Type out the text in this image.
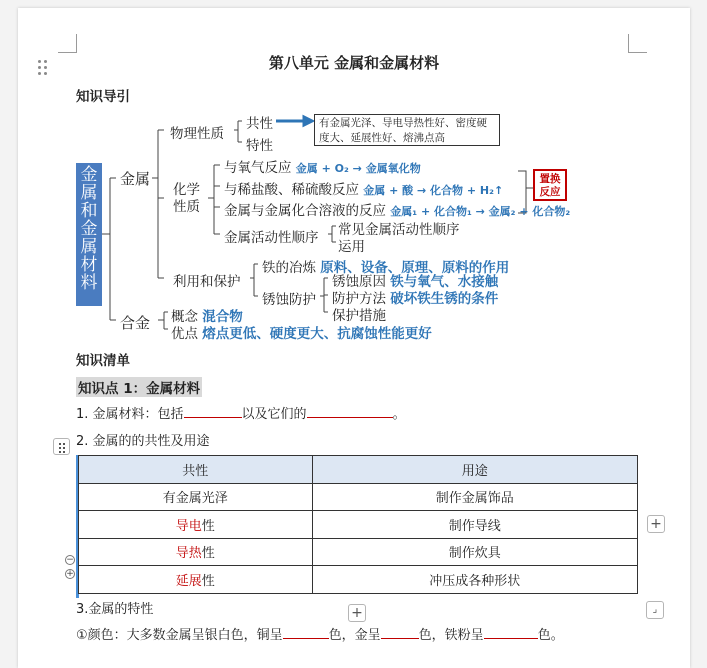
第八单元 金属和金属材料
知识导引
金
属
和
金
属
材
料
金属
物理性质
共性
特性
有金属光泽、导电导热性好、密度硬度大、延展性好、熔沸点高
化学
性质
与氧气反应 金属 + O₂ → 金属氧化物
与稀盐酸、稀硫酸反应 金属 + 酸 → 化合物 + H₂↑
金属与金属化合溶液的反应 金属₁ + 化合物₁ → 金属₂ + 化合物₂
置换
反应
金属活动性顺序 常见金属活动性顺序
运用
利用和保护
铁的冶炼 原料、设备、原理、原料的作用
锈蚀防护
锈蚀原因 铁与氧气、水接触
防护方法 破坏铁生锈的条件
保护措施
合金 概念 混合物
优点 熔点更低、硬度更大、抗腐蚀性能更好
知识清单
知识点 1：金属材料
1. 金属材料：包括	以及它们的	。
2. 金属的的共性及用途
共性	用途
有金属光泽	制作金属饰品
导电性	制作导线
导热性	制作炊具
延展性	冲压成各种形状
−
+
+
+	⌟
3.金属的特性
①颜色：大多数金属呈银白色，铜呈	色，金呈	色，铁粉呈	色。
